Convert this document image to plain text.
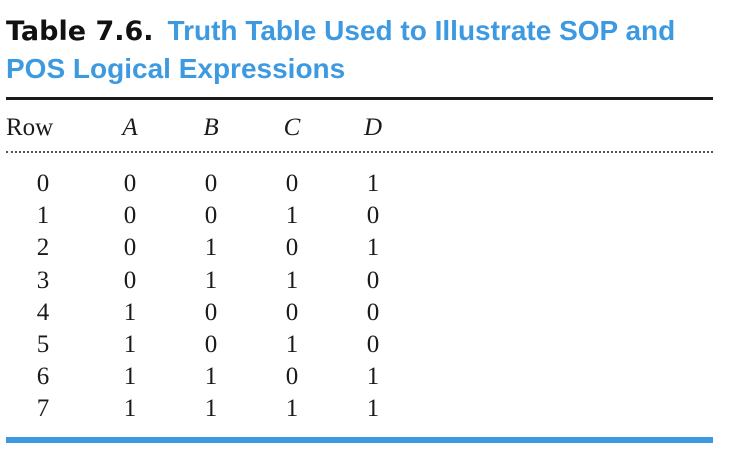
Table 7.6. Truth Table Used to Illustrate SOP and POS Logical Expressions
Row	A	B	C	D
0	0	0	0	1
1	0	0	1	0
2	0	1	0	1
3	0	1	1	0
4	1	0	0	0
5	1	0	1	0
6	1	1	0	1
7	1	1	1	1
